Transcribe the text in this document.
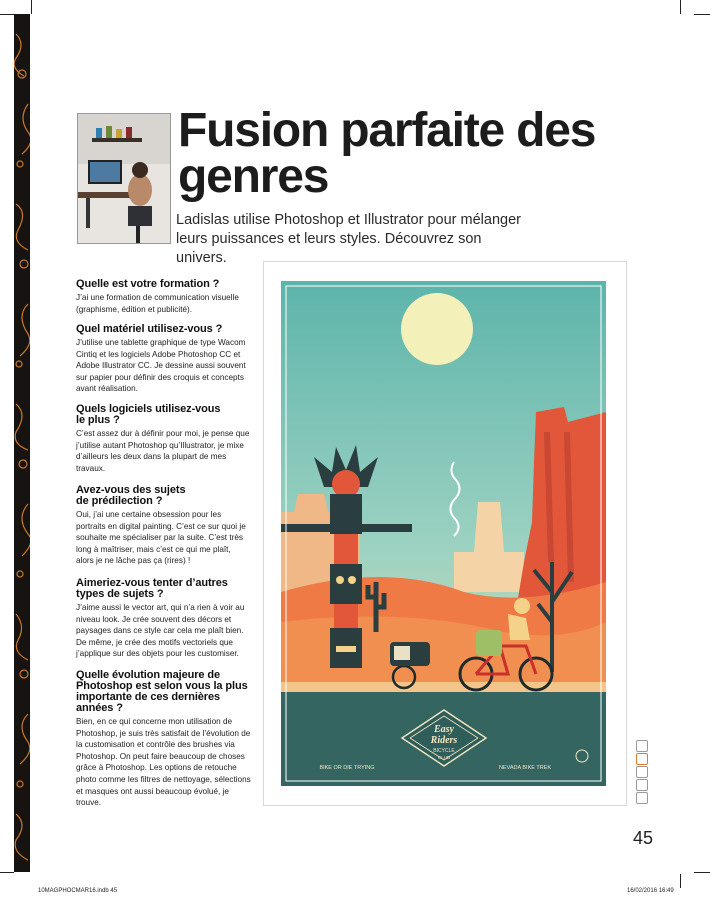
Fusion parfaite des genres

Ladislas utilise Photoshop et Illustrator pour mélanger leurs puissances et leurs styles. Découvrez son univers.

Quelle est votre formation ?

J’ai une formation de communication visuelle (graphisme, édition et publicité).

Quel matériel utilisez-vous ?

J’utilise une tablette graphique de type Wacom Cintiq et les logiciels Adobe Photoshop CC et Adobe Illustrator CC. Je dessine aussi souvent sur papier pour définir des croquis et concepts avant réalisation.

Quels logiciels utilisez-vous le plus ?

C’est assez dur à définir pour moi, je pense que j’utilise autant Photoshop qu’Illustrator, je mixe d’ailleurs les deux dans la plupart de mes travaux.

Avez-vous des sujets de prédilection ?

Oui, j’ai une certaine obsession pour les portraits en digital painting. C’est ce sur quoi je souhaite me spécialiser par la suite. C’est très long à maîtriser, mais c’est ce qui me plaît, alors je ne lâche pas ça (rires) !

Aimeriez-vous tenter d’autres types de sujets ?

J’aime aussi le vector art, qui n’a rien à voir au niveau look. Je crée souvent des décors et paysages dans ce style car cela me plaît bien. De même, je crée des motifs vectoriels que j’applique sur des objets pour les customiser.

Quelle évolution majeure de Photoshop est selon vous la plus importante de ces dernières années ?

Bien, en ce qui concerne mon utilisation de Photoshop, je suis très satisfait de l’évolution de la customisation et contrôle des brushes via Photoshop. On peut faire beaucoup de choses grâce à Photoshop. Les options de retouche photo comme les filtres de nettoyage, sélections et masques ont aussi beaucoup évolué, je trouve.

Easy
Riders
BICYCLE
CLUB
BIKE OR DIE TRYING	NEVADA BIKE TREK
45
10MAGPHOCMAR16.indb 45	16/02/2016 16:49
